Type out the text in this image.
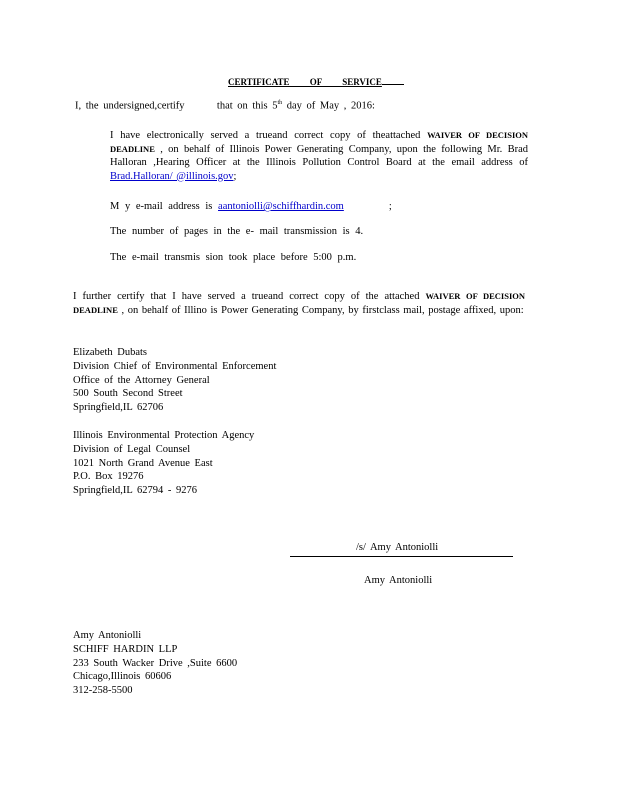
CERTIFICATE OF SERVICE
I, the undersigned,certify	that on this 5th day of May , 2016:
I have electronically served a trueand correct copy of theattached WAIVER OF DECISION DEADLINE , on behalf of Illinois Power Generating Company, upon the following Mr. Brad Halloran ,Hearing Officer at the Illinois Pollution Control Board at the email address of Brad.Halloran/ @illinois.gov;
M y e-mail address is aantoniolli@schiffhardin.com	;
The number of pages in the e- mail transmission is 4.
The e-mail transmis sion took place before 5:00 p.m.
I further certify that I have served a trueand correct copy of the attached WAIVER OF DECISION DEADLINE , on behalf of Illino is Power Generating Company, by firstclass mail, postage affixed, upon:
Elizabeth Dubats
Division Chief of Environmental Enforcement
Office of the Attorney General
500 South Second Street
Springfield,IL 62706
Illinois Environmental Protection Agency
Division of Legal Counsel
1021 North Grand Avenue East
P.O. Box 19276
Springfield,IL 62794 - 9276
/s/ Amy Antoniolli
Amy Antoniolli
Amy Antoniolli
SCHIFF HARDIN LLP
233 South Wacker Drive ,Suite 6600
Chicago,Illinois 60606
312-258-5500
